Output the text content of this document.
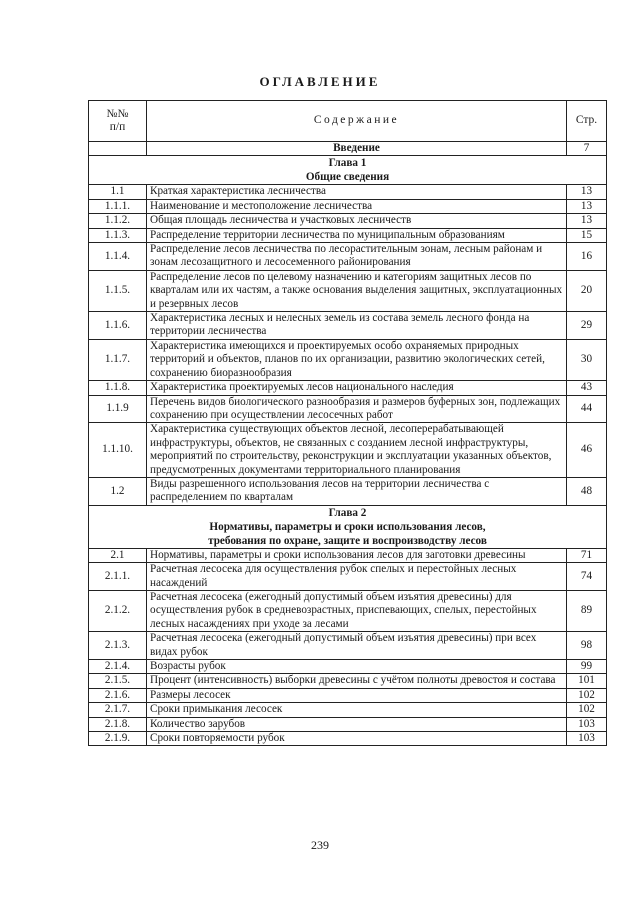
ОГЛАВЛЕНИЕ
№№
п/п	Содержание	Стр.
	Введение	7
Глава 1
Общие сведения		
1.1	Краткая характеристика лесничества	13
1.1.1.	Наименование и местоположение лесничества	13
1.1.2.	Общая площадь лесничества и участковых лесничеств	13
1.1.3.	Распределение территории лесничества по муниципальным образованиям	15
1.1.4.	Распределение лесов лесничества по лесорастительным зонам, лесным районам и зонам лесозащитного и лесосеменного районирования	16
1.1.5.	Распределение лесов по целевому назначению и категориям защитных лесов по кварталам или их частям, а также основания выделения защитных, эксплуатационных и резервных лесов	20
1.1.6.	Характеристика лесных и нелесных земель из состава земель лесного фонда на территории лесничества	29
1.1.7.	Характеристика имеющихся и проектируемых особо охраняемых природных территорий и объектов, планов по их организации, развитию экологических сетей, сохранению биоразнообразия	30
1.1.8.	Характеристика проектируемых лесов национального наследия	43
1.1.9	Перечень видов биологического разнообразия и размеров буферных зон, подлежащих сохранению при осуществлении лесосечных работ	44
1.1.10.	Характеристика существующих объектов лесной, лесоперерабатывающей инфраструктуры, объектов, не связанных с созданием лесной инфраструктуры, мероприятий по строительству, реконструкции и эксплуатации указанных объектов, предусмотренных документами территориального планирования	46
1.2	Виды разрешенного использования лесов на территории лесничества с распределением по кварталам	48
Глава 2
Нормативы, параметры и сроки использования лесов,
требования по охране, защите и воспроизводству лесов		
2.1	Нормативы, параметры и сроки использования лесов для заготовки древесины	71
2.1.1.	Расчетная лесосека для осуществления рубок спелых и перестойных лесных насаждений	74
2.1.2.	Расчетная лесосека (ежегодный допустимый объем изъятия древесины) для осуществления рубок в средневозрастных, приспевающих, спелых, перестойных лесных насаждениях при уходе за лесами	89
2.1.3.	Расчетная лесосека (ежегодный допустимый объем изъятия древесины) при всех видах рубок	98
2.1.4.	Возрасты рубок	99
2.1.5.	Процент (интенсивность) выборки древесины с учётом полноты древостоя и состава	101
2.1.6.	Размеры лесосек	102
2.1.7.	Сроки примыкания лесосек	102
2.1.8.	Количество зарубов	103
2.1.9.	Сроки повторяемости рубок	103
239
